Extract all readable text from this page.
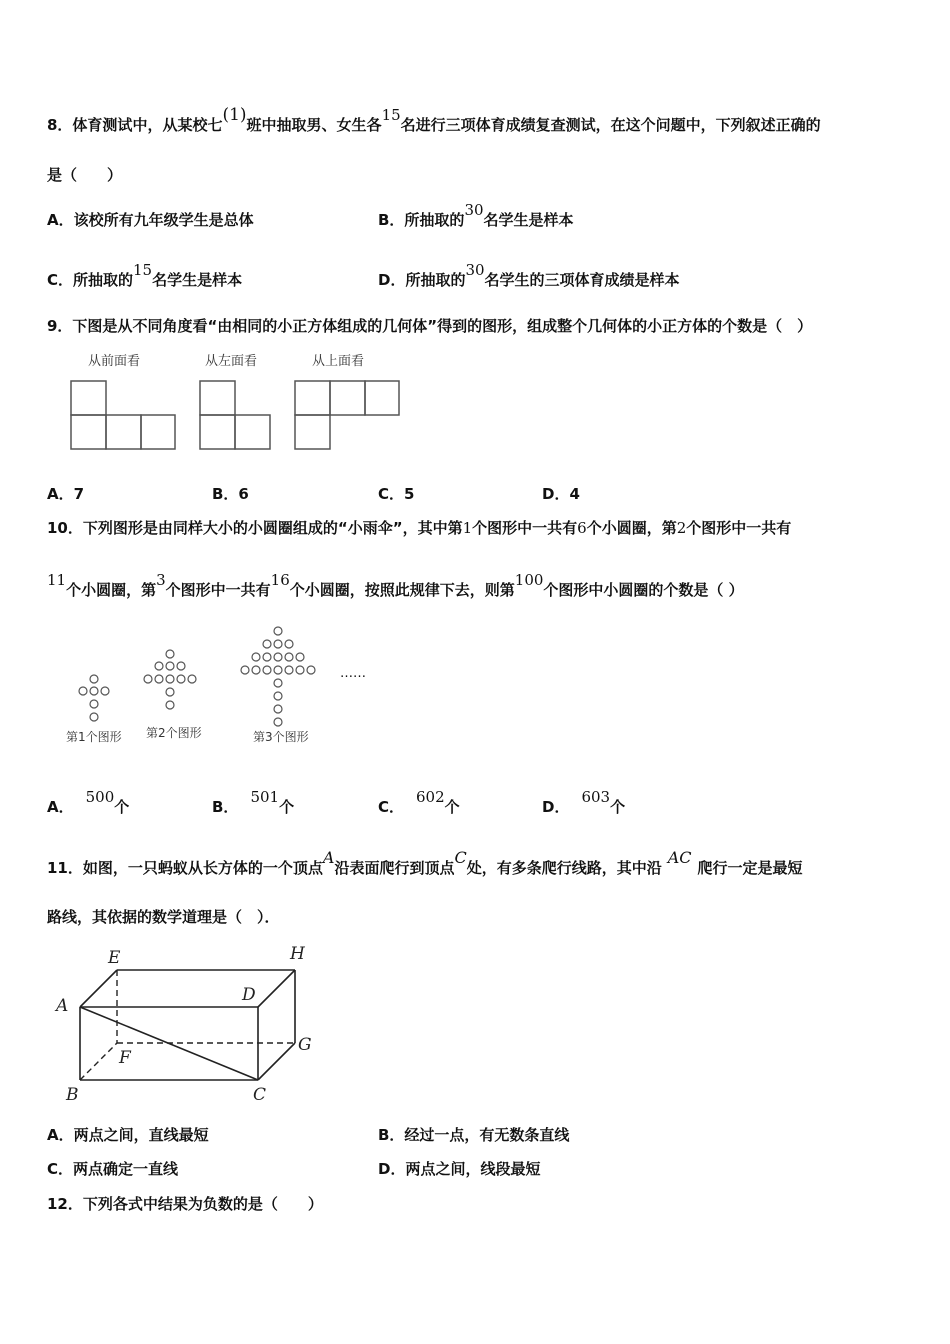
8．体育测试中，从某校七(1)班中抽取男、女生各15名进行三项体育成绩复查测试，在这个问题中，下列叙述正确的
是（　　）
A．该校所有九年级学生是总体	B．所抽取的30名学生是样本
C．所抽取的15名学生是样本	D．所抽取的30名学生的三项体育成绩是样本
9．下图是从不同角度看“由相同的小正方体组成的几何体”得到的图形，组成整个几何体的小正方体的个数是（　）
从前面看	从左面看	从上面看
A．7	B．6	C．5	D．4
10．下列图形是由同样大小的小圆圈组成的“小雨伞”，其中第1个图形中一共有6个小圆圈，第2个图形中一共有
11个小圆圈，第3个图形中一共有16个小圆圈，按照此规律下去，则第100个图形中小圆圈的个数是（ ）
……
第1个图形 第2个图形	第3个图形
A．500个	B．501个	C．602个	D．603个
11．如图，一只蚂蚁从长方体的一个顶点A沿表面爬行到顶点C处，有多条爬行线路，其中沿AC爬行一定是最短
路线，其依据的数学道理是（　）．
A
B	C
D
E
F
G
H
A．两点之间，直线最短	B．经过一点，有无数条直线
C．两点确定一直线	D．两点之间，线段最短
12．下列各式中结果为负数的是（　　）
